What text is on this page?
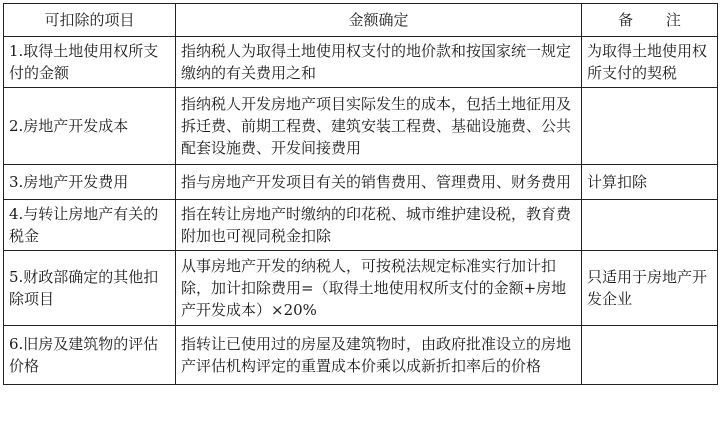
可扣除的项目	金额确定	备 注
1.取得土地使用权所支付的金额	指纳税人为取得土地使用权支付的地价款和按国家统一规定缴纳的有关费用之和	为取得土地使用权所支付的契税
2.房地产开发成本	指纳税人开发房地产项目实际发生的成本，包括土地征用及拆迁费、前期工程费、建筑安装工程费、基础设施费、公共配套设施费、开发间接费用	
3.房地产开发费用	指与房地产开发项目有关的销售费用、管理费用、财务费用	计算扣除
4.与转让房地产有关的税金	指在转让房地产时缴纳的印花税、城市维护建设税，教育费附加也可视同税金扣除	
5.财政部确定的其他扣除项目	从事房地产开发的纳税人，可按税法规定标准实行加计扣除，加计扣除费用=（取得土地使用权所支付的金额+房地产开发成本）×20%	只适用于房地产开发企业
6.旧房及建筑物的评估价格	指转让已使用过的房屋及建筑物时，由政府批准设立的房地产评估机构评定的重置成本价乘以成新折扣率后的价格	
